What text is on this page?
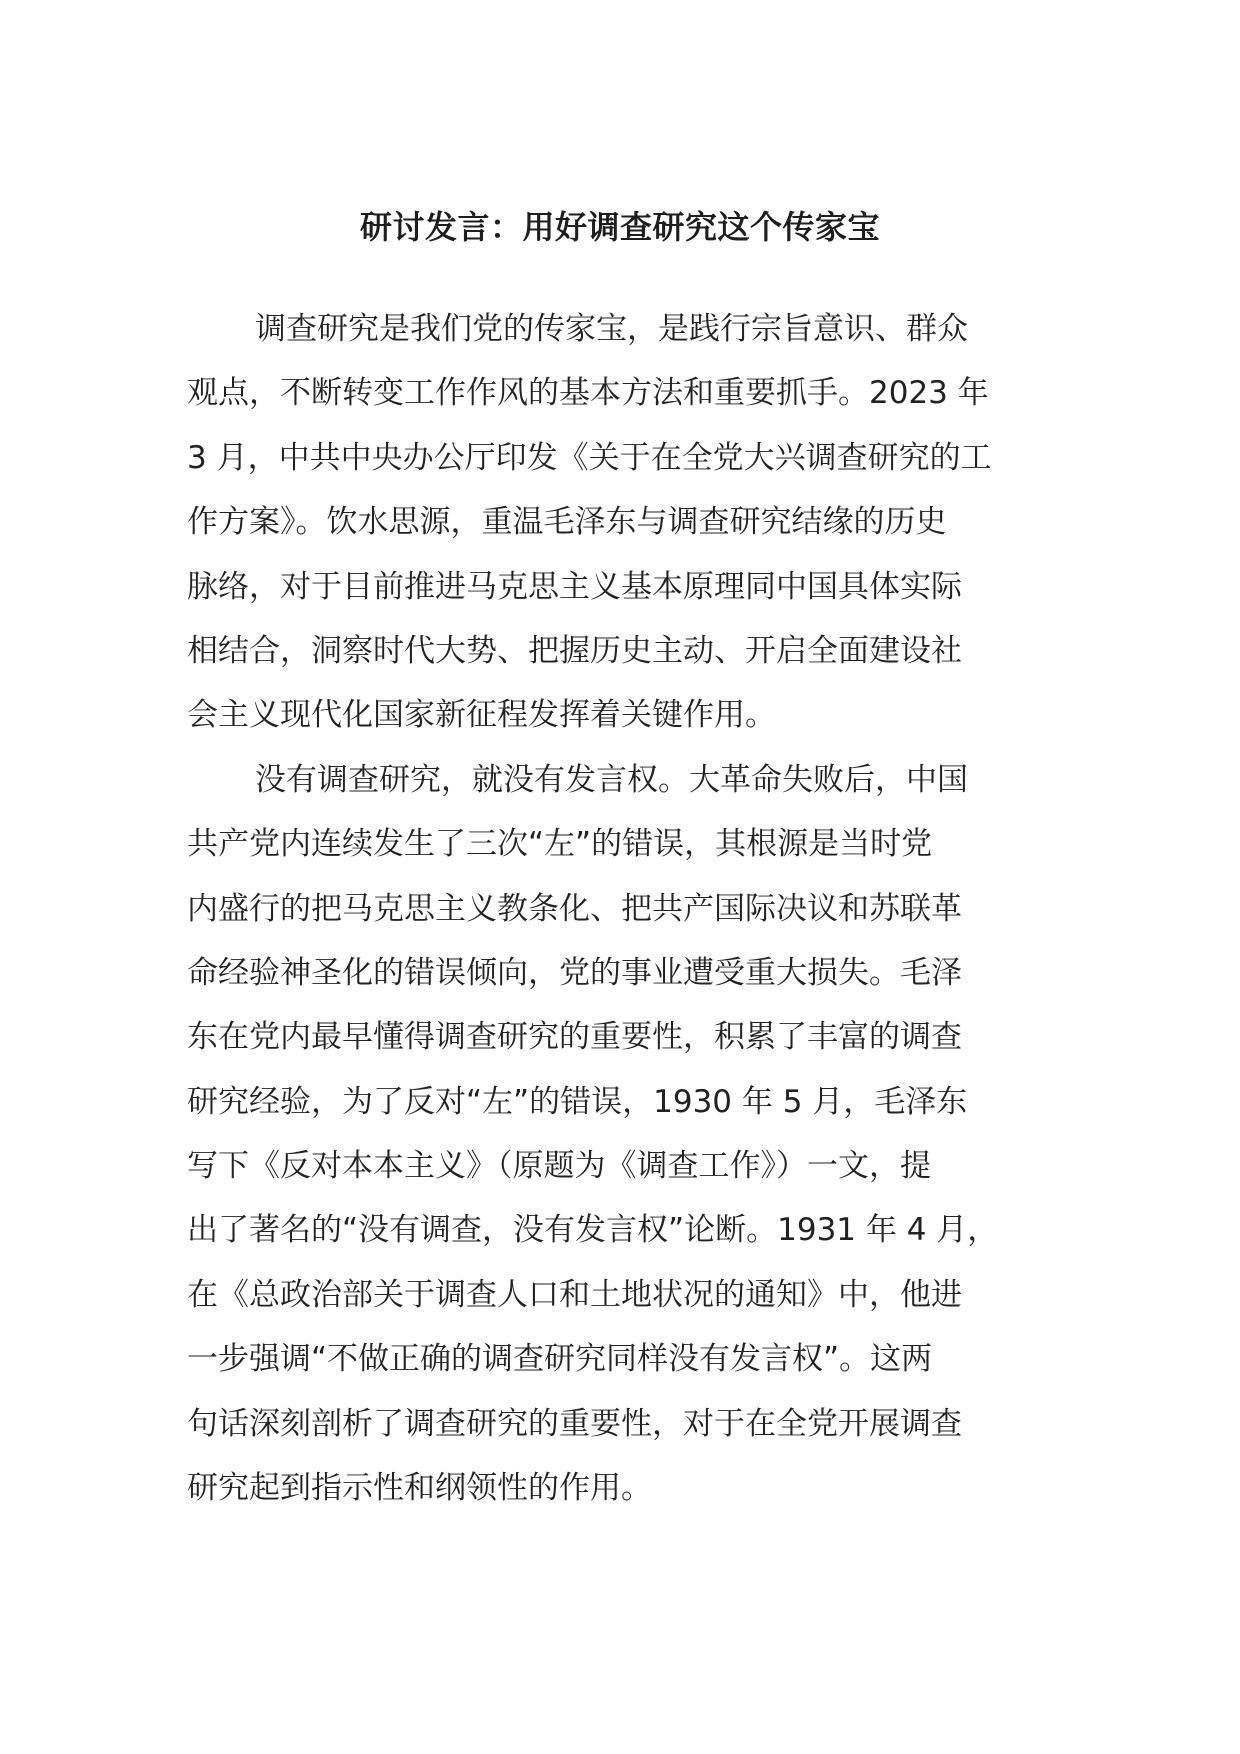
研讨发言：用好调查研究这个传家宝
调查研究是我们党的传家宝，是践行宗旨意识、群众
观点，不断转变工作作风的基本方法和重要抓手。2023 年
3 月，中共中央办公厅印发《关于在全党大兴调查研究的工
作方案》。饮水思源，重温毛泽东与调查研究结缘的历史
脉络，对于目前推进马克思主义基本原理同中国具体实际
相结合，洞察时代大势、把握历史主动、开启全面建设社
会主义现代化国家新征程发挥着关键作用。
没有调查研究，就没有发言权。大革命失败后，中国
共产党内连续发生了三次“左”的错误，其根源是当时党
内盛行的把马克思主义教条化、把共产国际决议和苏联革
命经验神圣化的错误倾向，党的事业遭受重大损失。毛泽
东在党内最早懂得调查研究的重要性，积累了丰富的调查
研究经验，为了反对“左”的错误，1930 年 5 月，毛泽东
写下《反对本本主义》（原题为《调查工作》）一文，提
出了著名的“没有调查，没有发言权”论断。1931 年 4 月，
在《总政治部关于调查人口和土地状况的通知》中，他进
一步强调“不做正确的调查研究同样没有发言权”。这两
句话深刻剖析了调查研究的重要性，对于在全党开展调查
研究起到指示性和纲领性的作用。
